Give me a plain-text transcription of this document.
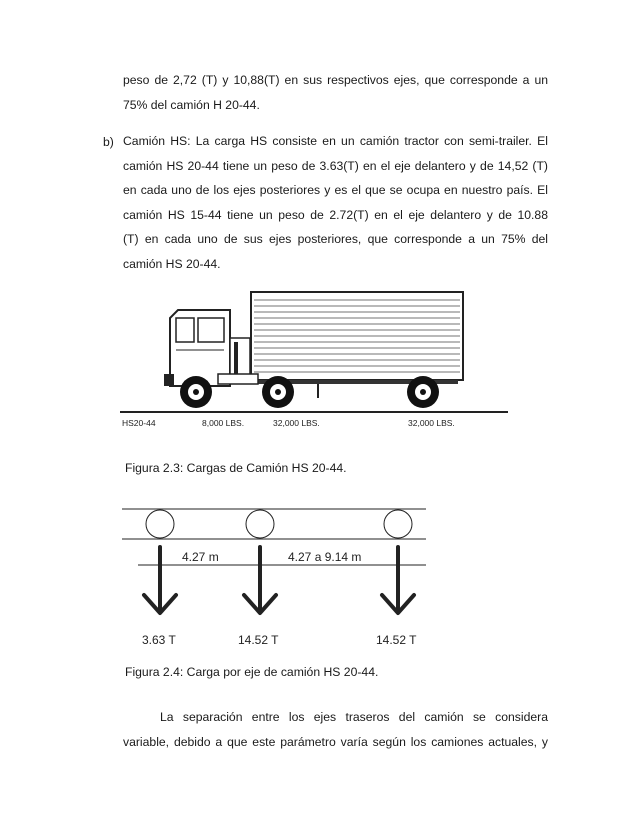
peso de 2,72 (T) y 10,88(T) en sus respectivos ejes, que corresponde a un
75% del camión H 20-44.
b) Camión HS: La carga HS consiste en un camión tractor con semi-trailer. El
camión HS 20-44 tiene un peso de 3.63(T) en el eje delantero y de 14,52 (T)
en cada uno de los ejes posteriores y es el que se ocupa en nuestro país. El
camión HS 15-44 tiene un peso de 2.72(T) en el eje delantero y de 10.88
(T) en cada uno de sus ejes posteriores, que corresponde a un 75% del
camión HS 20-44.
HS20-44	8,000 LBS.	32,000 LBS.	32,000 LBS.
Figura 2.3: Cargas de Camión HS 20-44.
4.27 m	4.27 a 9.14 m
3.63 T	14.52 T	14.52 T
Figura 2.4: Carga por eje de camión HS 20-44.
La separación entre los ejes traseros del camión se considera
variable, debido a que este parámetro varía según los camiones actuales, y
